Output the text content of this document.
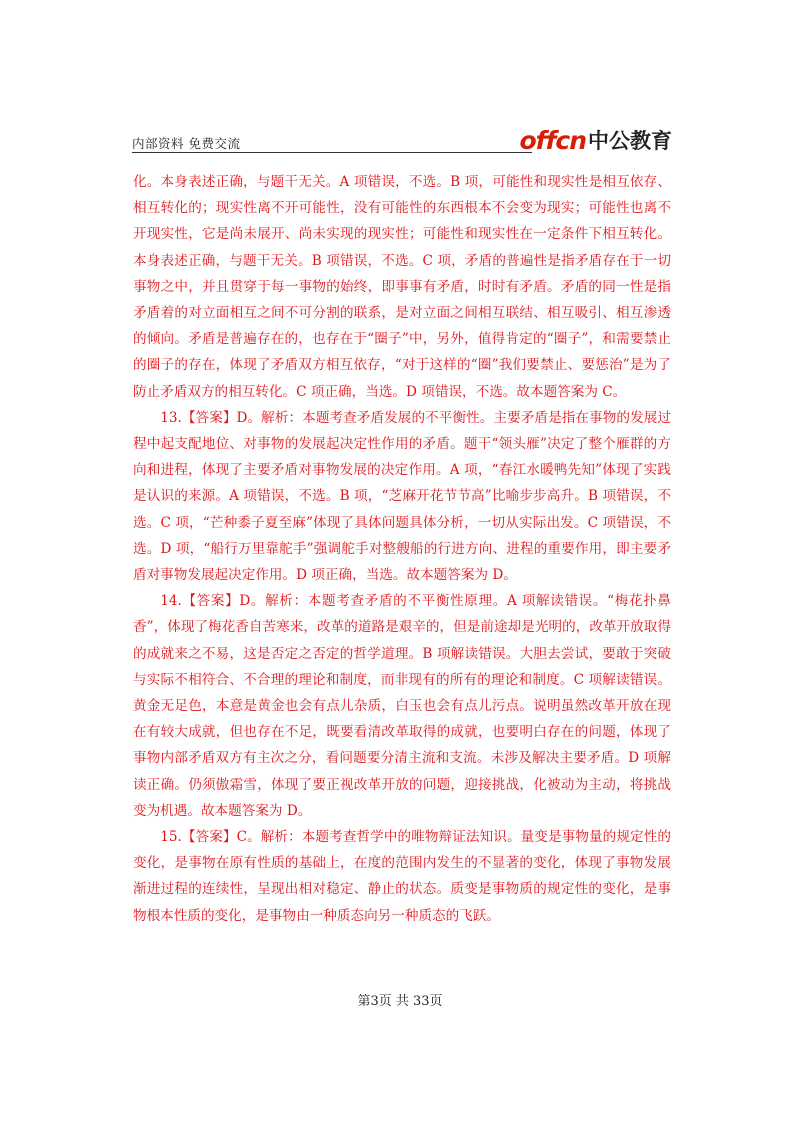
内部资料 免费交流	offcn 中公教育

化。本身表述正确，与题干无关。A 项错误，不选。B 项，可能性和现实性是相互依存、相互转化的；现实性离不开可能性，没有可能性的东西根本不会变为现实；可能性也离不开现实性，它是尚未展开、尚未实现的现实性；可能性和现实性在一定条件下相互转化。本身表述正确，与题干无关。B 项错误，不选。C 项，矛盾的普遍性是指矛盾存在于一切事物之中，并且贯穿于每一事物的始终，即事事有矛盾，时时有矛盾。矛盾的同一性是指矛盾着的对立面相互之间不可分割的联系，是对立面之间相互联结、相互吸引、相互渗透的倾向。矛盾是普遍存在的，也存在于“圈子”中，另外，值得肯定的“圈子”，和需要禁止的圈子的存在，体现了矛盾双方相互依存，“对于这样的“圈”我们要禁止、要惩治”是为了防止矛盾双方的相互转化。C 项正确，当选。D 项错误，不选。故本题答案为 C。

13.【答案】D。解析：本题考查矛盾发展的不平衡性。主要矛盾是指在事物的发展过程中起支配地位、对事物的发展起决定性作用的矛盾。题干“领头雁”决定了整个雁群的方向和进程，体现了主要矛盾对事物发展的决定作用。A 项，“春江水暖鸭先知”体现了实践是认识的来源。A 项错误，不选。B 项，“芝麻开花节节高”比喻步步高升。B 项错误，不选。C 项，“芒种黍子夏至麻”体现了具体问题具体分析，一切从实际出发。C 项错误，不选。D 项，“船行万里靠舵手”强调舵手对整艘船的行进方向、进程的重要作用，即主要矛盾对事物发展起决定作用。D 项正确，当选。故本题答案为 D。

14.【答案】D。解析：本题考查矛盾的不平衡性原理。A 项解读错误。“梅花扑鼻香”，体现了梅花香自苦寒来，改革的道路是艰辛的，但是前途却是光明的，改革开放取得的成就来之不易，这是否定之否定的哲学道理。B 项解读错误。大胆去尝试，要敢于突破与实际不相符合、不合理的理论和制度，而非现有的所有的理论和制度。C 项解读错误。黄金无足色，本意是黄金也会有点儿杂质，白玉也会有点儿污点。说明虽然改革开放在现在有较大成就，但也存在不足，既要看清改革取得的成就，也要明白存在的问题，体现了事物内部矛盾双方有主次之分，看问题要分清主流和支流。未涉及解决主要矛盾。D 项解读正确。仍须傲霜雪，体现了要正视改革开放的问题，迎接挑战，化被动为主动，将挑战变为机遇。故本题答案为 D。

15.【答案】C。解析：本题考查哲学中的唯物辩证法知识。量变是事物量的规定性的变化，是事物在原有性质的基础上，在度的范围内发生的不显著的变化，体现了事物发展渐进过程的连续性，呈现出相对稳定、静止的状态。质变是事物质的规定性的变化，是事物根本性质的变化，是事物由一种质态向另一种质态的飞跃。

第3页 共 33页
